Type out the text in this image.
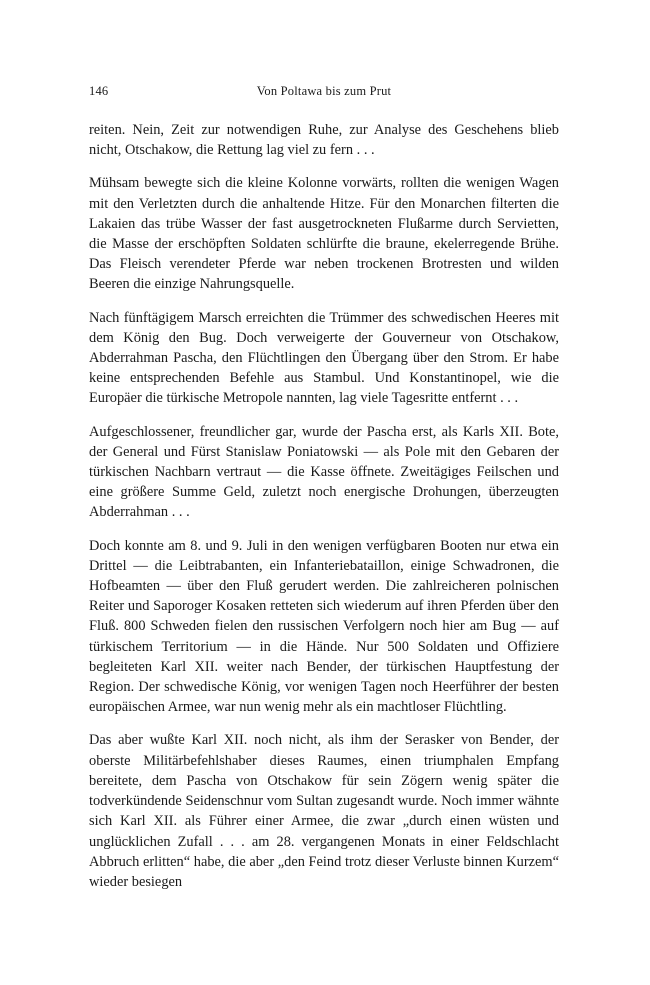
146	Von Poltawa bis zum Prut

reiten. Nein, Zeit zur notwendigen Ruhe, zur Analyse des Geschehens blieb nicht, Otschakow, die Rettung lag viel zu fern . . .

Mühsam bewegte sich die kleine Kolonne vorwärts, rollten die wenigen Wagen mit den Verletzten durch die anhaltende Hitze. Für den Monarchen filterten die Lakaien das trübe Wasser der fast ausgetrockneten Flußarme durch Servietten, die Masse der erschöpften Soldaten schlürfte die braune, ekelerregende Brühe. Das Fleisch verendeter Pferde war neben trockenen Brotresten und wilden Beeren die einzige Nahrungsquelle.

Nach fünftägigem Marsch erreichten die Trümmer des schwedischen Heeres mit dem König den Bug. Doch verweigerte der Gouverneur von Otschakow, Abderrahman Pascha, den Flüchtlingen den Übergang über den Strom. Er habe keine entsprechenden Befehle aus Stambul. Und Konstantinopel, wie die Europäer die türkische Metropole nannten, lag viele Tagesritte entfernt . . .

Aufgeschlossener, freundlicher gar, wurde der Pascha erst, als Karls XII. Bote, der General und Fürst Stanislaw Poniatowski — als Pole mit den Gebaren der türkischen Nachbarn vertraut — die Kasse öffnete. Zweitägiges Feilschen und eine größere Summe Geld, zuletzt noch energische Drohungen, überzeugten Abderrahman . . .

Doch konnte am 8. und 9. Juli in den wenigen verfügbaren Booten nur etwa ein Drittel — die Leibtrabanten, ein Infanteriebataillon, einige Schwadronen, die Hofbeamten — über den Fluß gerudert werden. Die zahlreicheren polnischen Reiter und Saporoger Kosaken retteten sich wiederum auf ihren Pferden über den Fluß. 800 Schweden fielen den russischen Verfolgern noch hier am Bug — auf türkischem Territorium — in die Hände. Nur 500 Soldaten und Offiziere begleiteten Karl XII. weiter nach Bender, der türkischen Hauptfestung der Region. Der schwedische König, vor wenigen Tagen noch Heerführer der besten europäischen Armee, war nun wenig mehr als ein machtloser Flüchtling.

Das aber wußte Karl XII. noch nicht, als ihm der Serasker von Bender, der oberste Militärbefehlshaber dieses Raumes, einen triumphalen Empfang bereitete, dem Pascha von Otschakow für sein Zögern wenig später die todverkündende Seidenschnur vom Sultan zugesandt wurde. Noch immer wähnte sich Karl XII. als Führer einer Armee, die zwar „durch einen wüsten und unglücklichen Zufall . . . am 28. vergangenen Monats in einer Feldschlacht Abbruch erlitten“ habe, die aber „den Feind trotz dieser Verluste binnen Kurzem“ wieder besiegen
